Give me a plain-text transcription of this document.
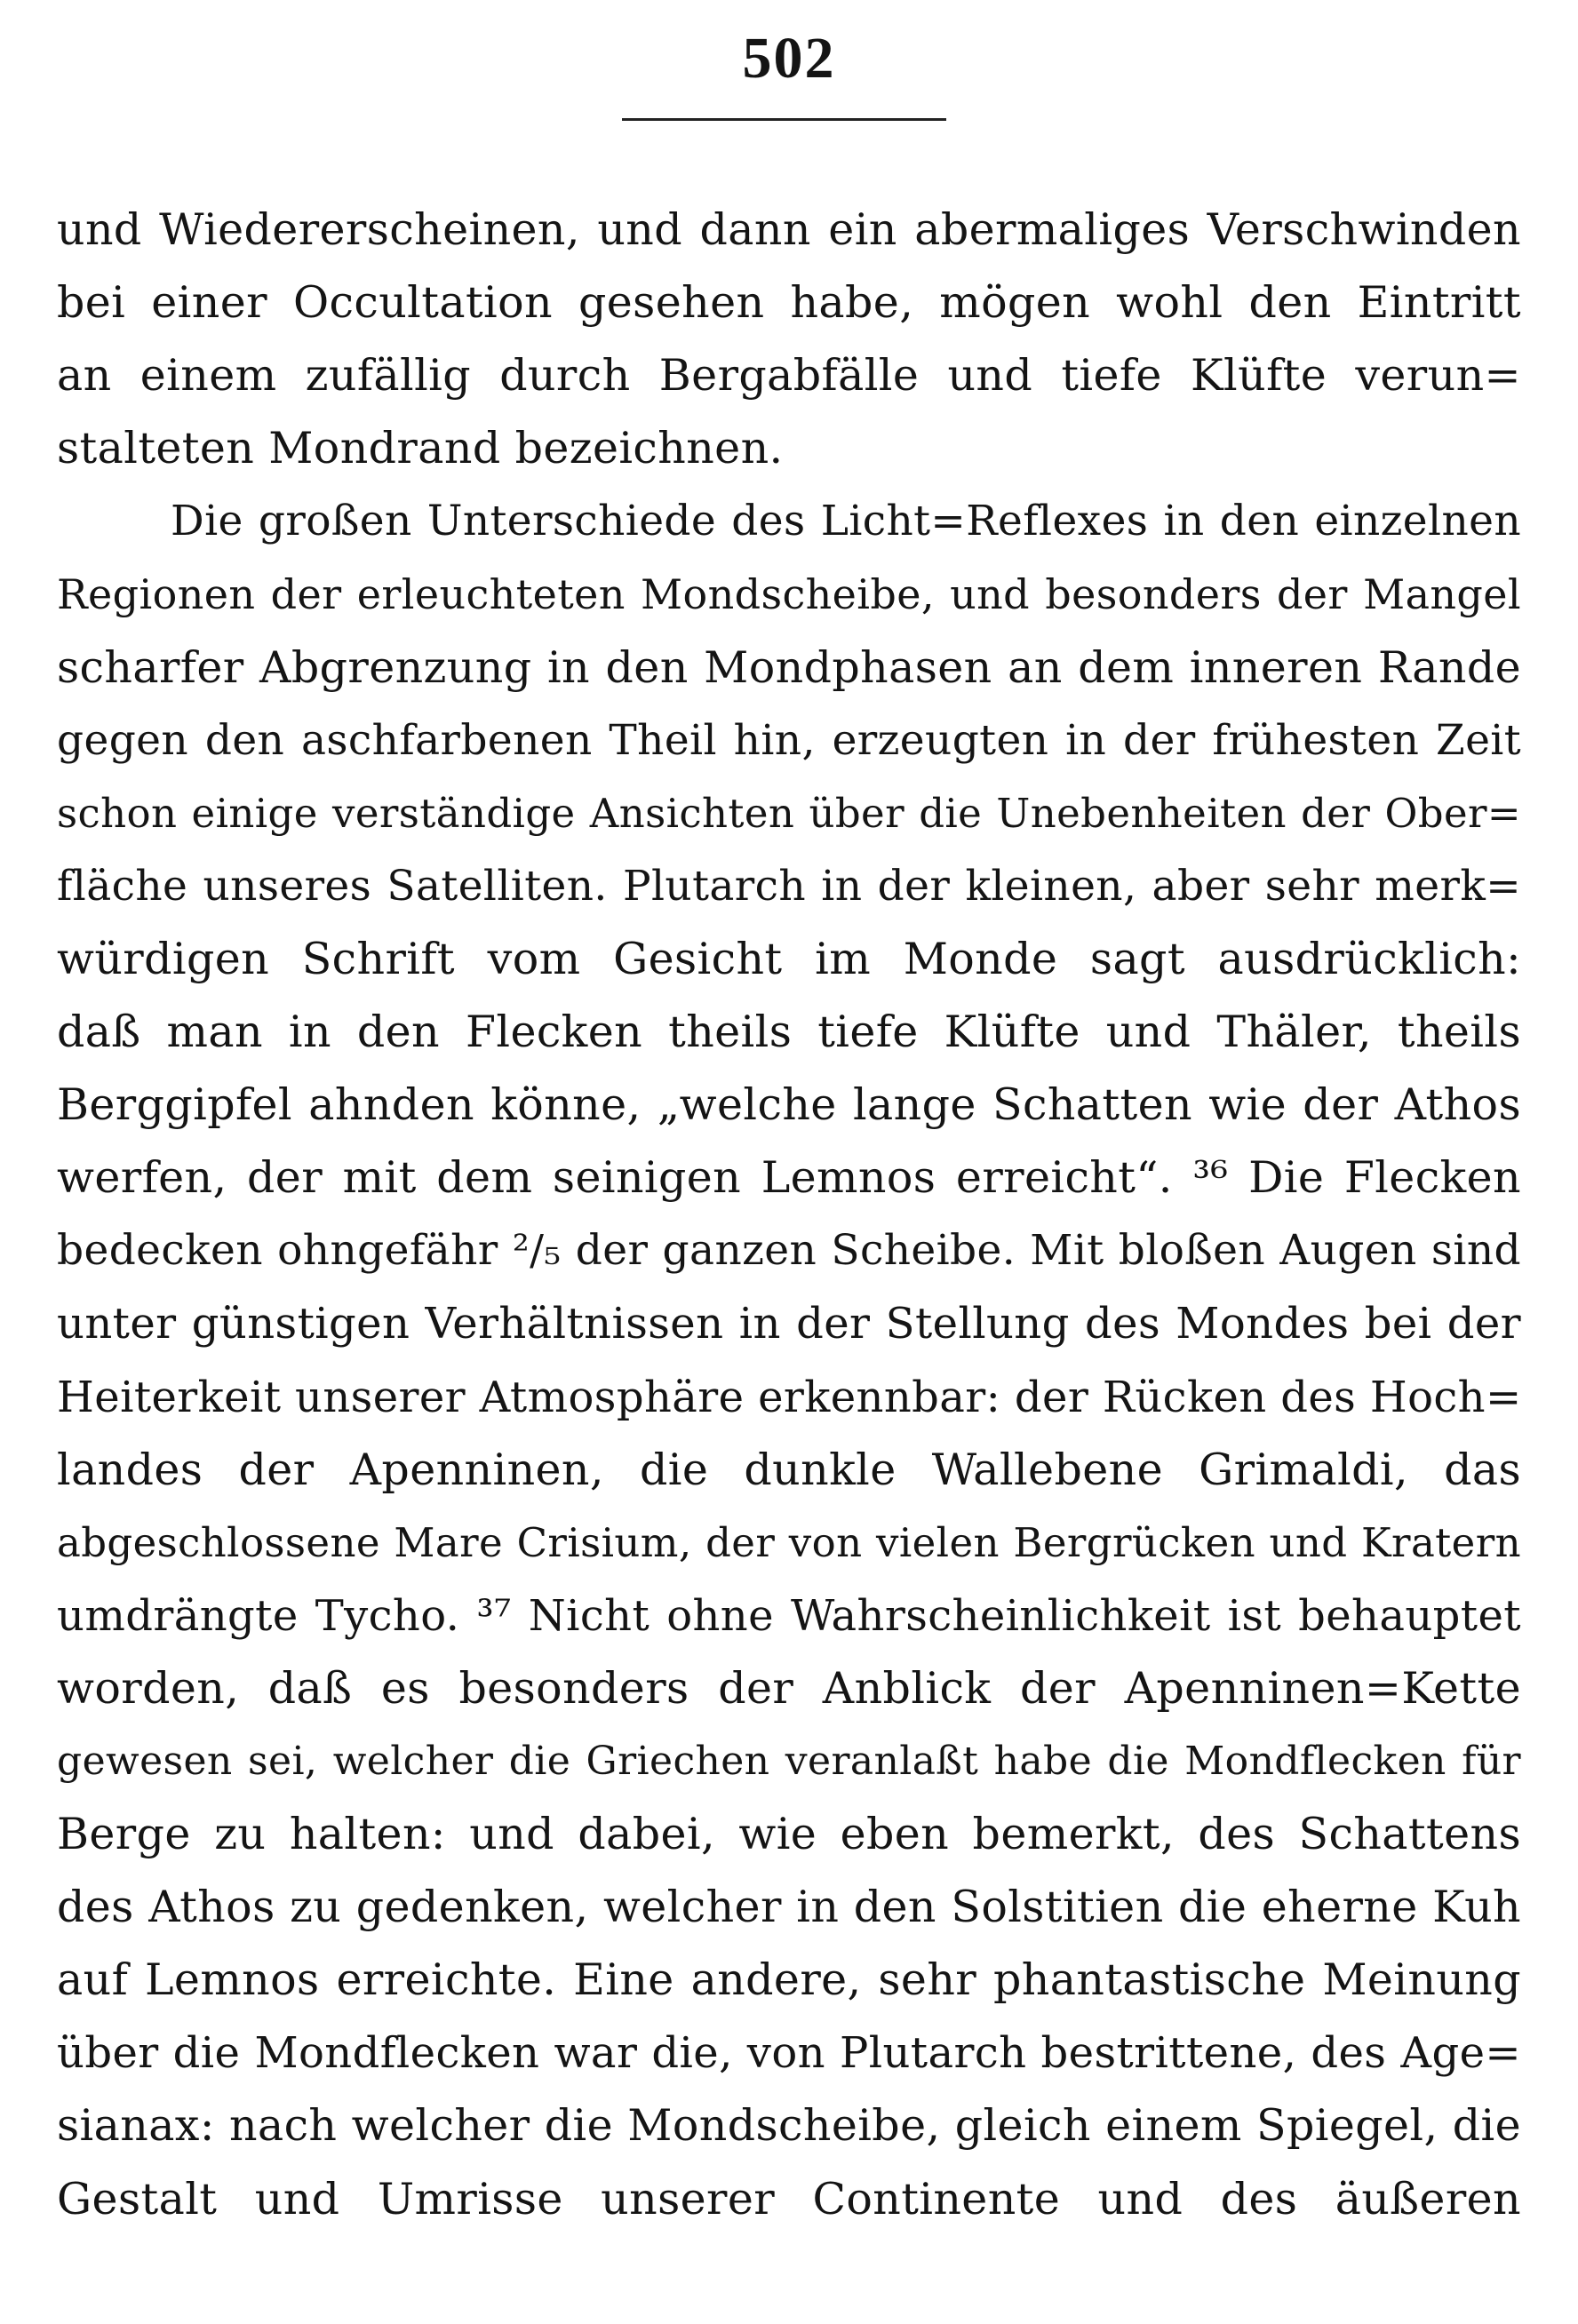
502
und Wiedererscheinen, und dann ein abermaliges Verschwinden
bei einer Occultation gesehen habe, mögen wohl den Eintritt
an einem zufällig durch Bergabfälle und tiefe Klüfte verun=
stalteten Mondrand bezeichnen.
Die großen Unterschiede des Licht=Reflexes in den einzelnen
Regionen der erleuchteten Mondscheibe, und besonders der Mangel
scharfer Abgrenzung in den Mondphasen an dem inneren Rande
gegen den aschfarbenen Theil hin, erzeugten in der frühesten Zeit
schon einige verständige Ansichten über die Unebenheiten der Ober=
fläche unseres Satelliten. Plutarch in der kleinen, aber sehr merk=
würdigen Schrift vom Gesicht im Monde sagt ausdrücklich:
daß man in den Flecken theils tiefe Klüfte und Thäler, theils
Berggipfel ahnden könne, „welche lange Schatten wie der Athos
werfen, der mit dem seinigen Lemnos erreicht“. ³⁶ Die Flecken
bedecken ohngefähr ²/₅ der ganzen Scheibe. Mit bloßen Augen sind
unter günstigen Verhältnissen in der Stellung des Mondes bei der
Heiterkeit unserer Atmosphäre erkennbar: der Rücken des Hoch=
landes der Apenninen, die dunkle Wallebene Grimaldi, das
abgeschlossene Mare Crisium, der von vielen Bergrücken und Kratern
umdrängte Tycho. ³⁷ Nicht ohne Wahrscheinlichkeit ist behauptet
worden, daß es besonders der Anblick der Apenninen=Kette
gewesen sei, welcher die Griechen veranlaßt habe die Mondflecken für
Berge zu halten: und dabei, wie eben bemerkt, des Schattens
des Athos zu gedenken, welcher in den Solstitien die eherne Kuh
auf Lemnos erreichte. Eine andere, sehr phantastische Meinung
über die Mondflecken war die, von Plutarch bestrittene, des Age=
sianax: nach welcher die Mondscheibe, gleich einem Spiegel, die
Gestalt und Umrisse unserer Continente und des äußeren
